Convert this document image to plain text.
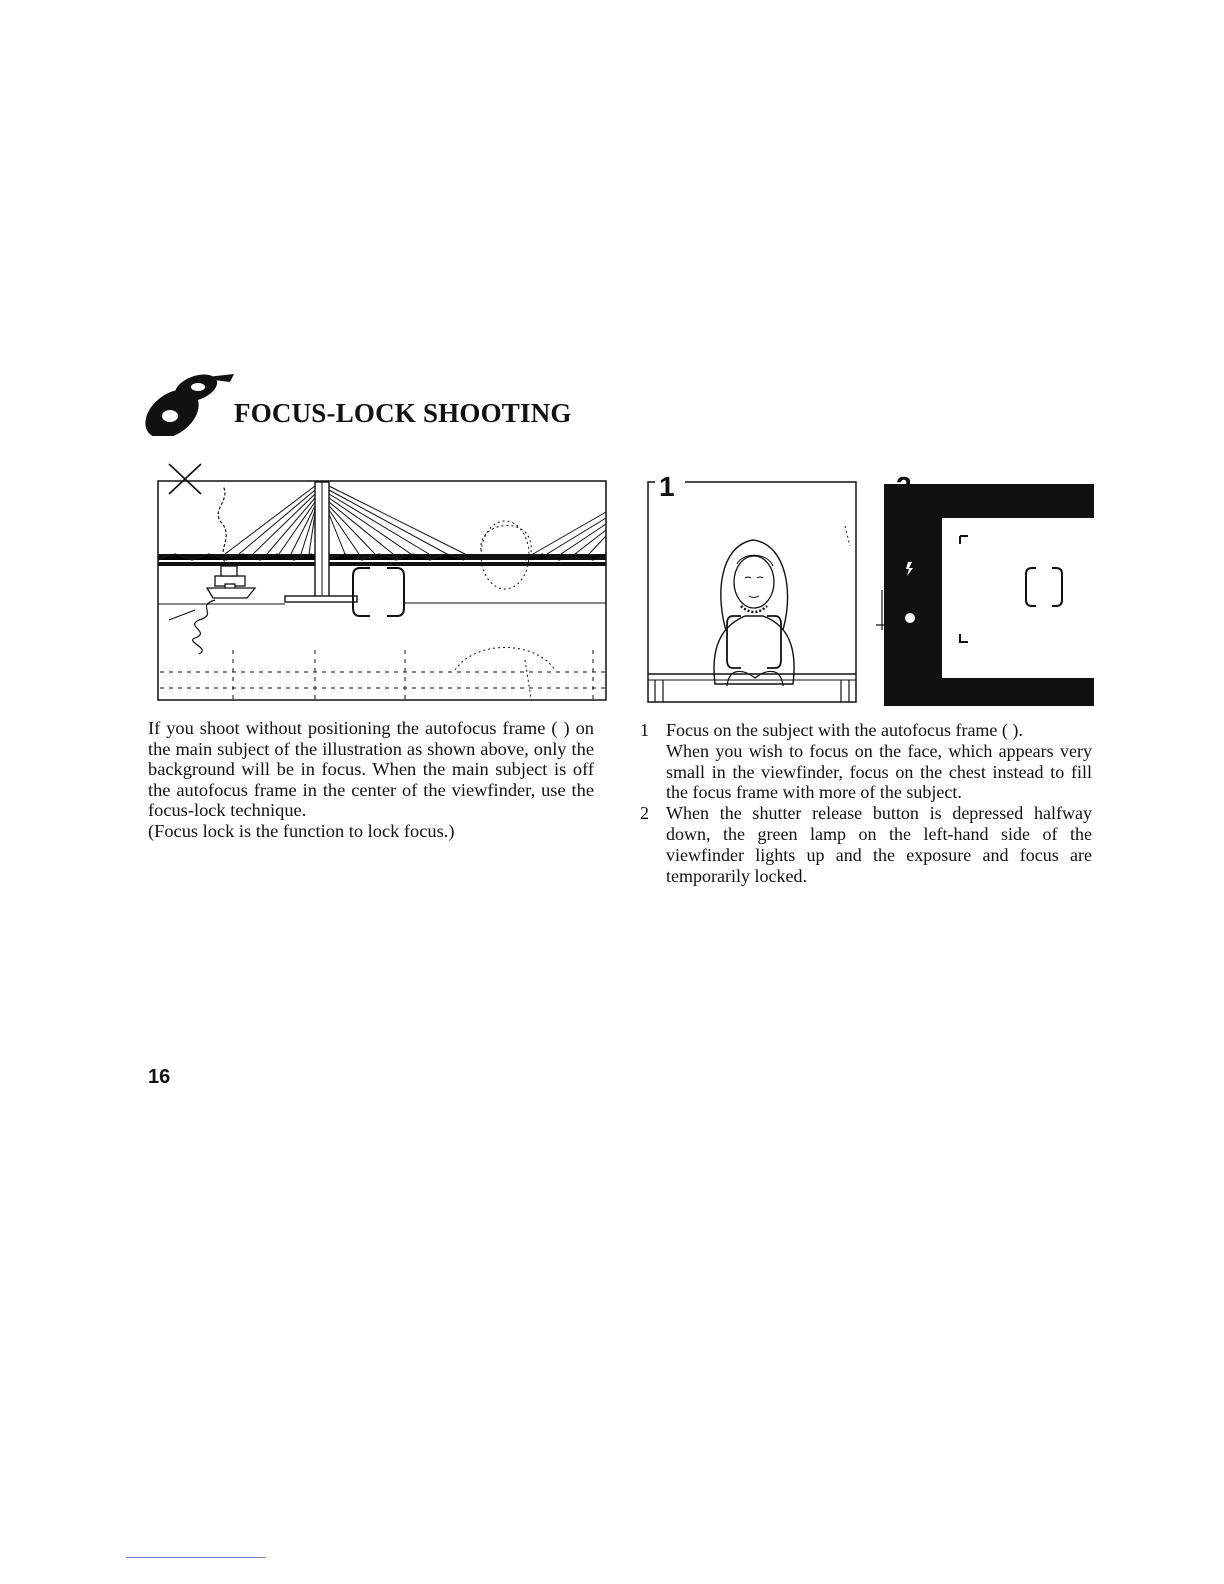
8
FOCUS-LOCK SHOOTING
1	2

If you shoot without positioning the autofocus frame ( ) on the main subject of the illustration as shown above, only the background will be in focus. When the main subject is off the autofocus frame in the center of the viewfinder, use the focus-lock technique.

(Focus lock is the function to lock focus.)

1 Focus on the subject with the autofocus frame ( ).
When you wish to focus on the face, which appears very small in the viewfinder, focus on the chest instead to fill the focus frame with more of the subject.
2 When the shutter release button is depressed halfway down, the green lamp on the left-hand side of the viewfinder lights up and the exposure and focus are temporarily locked.
16
